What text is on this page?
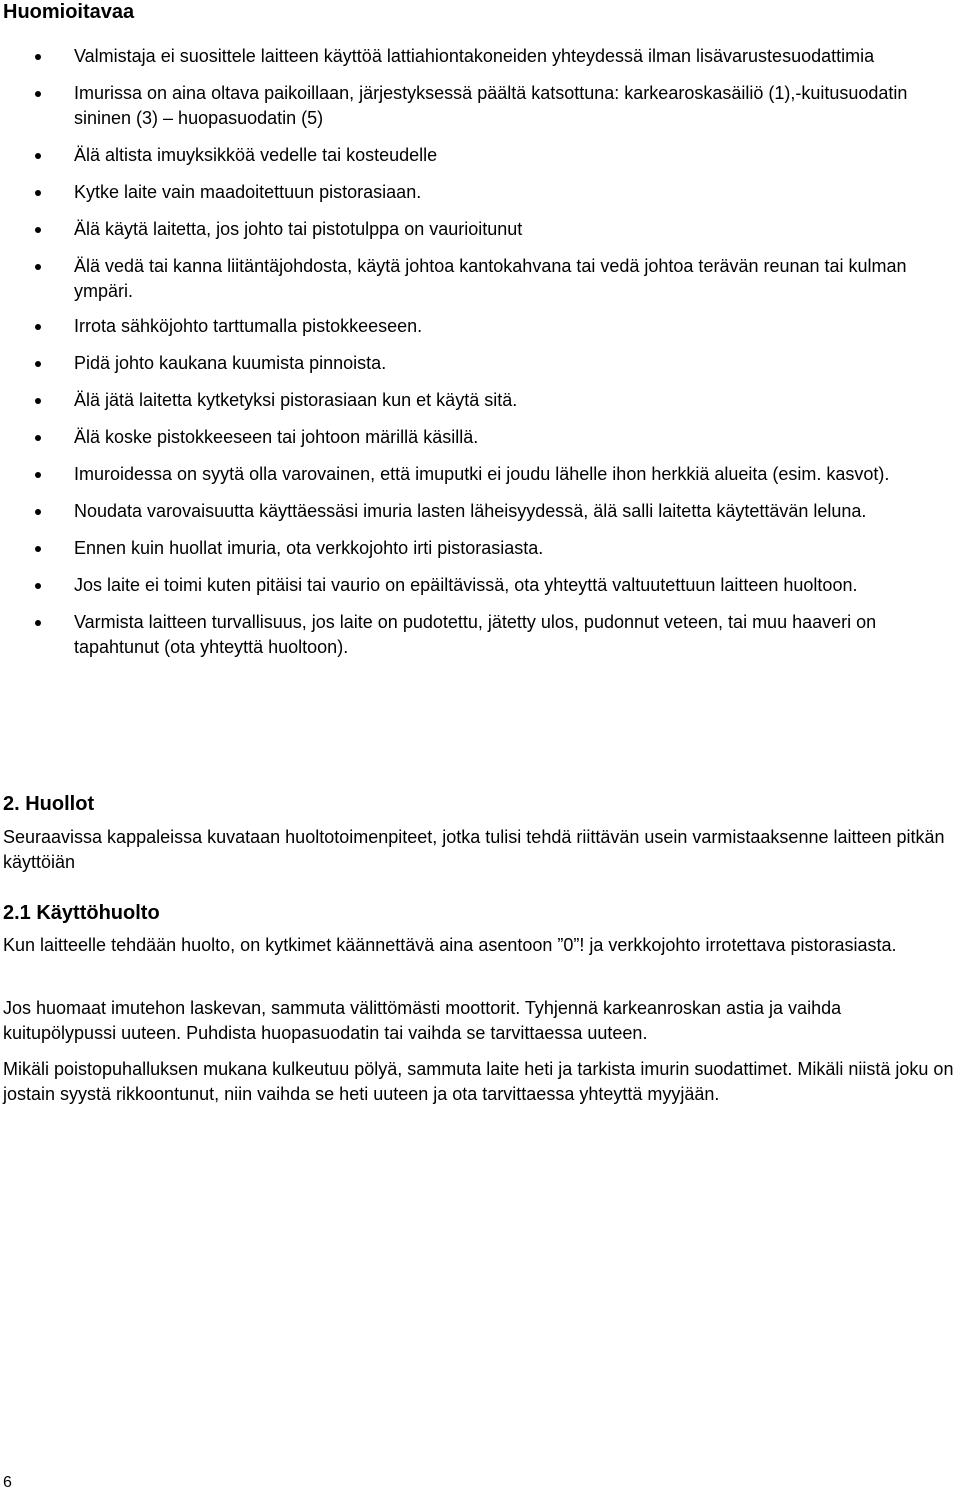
Huomioitavaa
Valmistaja ei suosittele laitteen käyttöä lattiahiontakoneiden yhteydessä ilman lisävarustesuodattimia
Imurissa on aina oltava paikoillaan, järjestyksessä päältä katsottuna: karkearoskasäiliö (1),-kuitusuodatin sininen (3) – huopasuodatin (5)
Älä altista imuyksikköä vedelle tai kosteudelle
Kytke laite vain maadoitettuun pistorasiaan.
Älä käytä laitetta, jos johto tai pistotulppa on vaurioitunut
Älä vedä tai kanna liitäntäjohdosta, käytä johtoa kantokahvana tai vedä johtoa terävän reunan tai kulman ympäri.
Irrota sähköjohto tarttumalla pistokkeeseen.
Pidä johto kaukana kuumista pinnoista.
Älä jätä laitetta kytketyksi pistorasiaan kun et käytä sitä.
Älä koske pistokkeeseen tai johtoon märillä käsillä.
Imuroidessa on syytä olla varovainen, että imuputki ei joudu lähelle ihon herkkiä alueita (esim. kasvot).
Noudata varovaisuutta käyttäessäsi imuria lasten läheisyydessä, älä salli laitetta käytettävän leluna.
Ennen kuin huollat imuria, ota verkkojohto irti pistorasiasta.
Jos laite ei toimi kuten pitäisi tai vaurio on epäiltävissä, ota yhteyttä valtuutettuun laitteen huoltoon.
Varmista laitteen turvallisuus, jos laite on pudotettu, jätetty ulos, pudonnut veteen, tai muu haaveri on tapahtunut (ota yhteyttä huoltoon).
2. Huollot

Seuraavissa kappaleissa kuvataan huoltotoimenpiteet, jotka tulisi tehdä riittävän usein varmistaaksenne laitteen pitkän käyttöiän

2.1 Käyttöhuolto

Kun laitteelle tehdään huolto, on kytkimet käännettävä aina asentoon ”0”! ja verkkojohto irrotettava pistorasiasta.

Jos huomaat imutehon laskevan, sammuta välittömästi moottorit. Tyhjennä karkeanroskan astia ja vaihda kuitupölypussi uuteen. Puhdista huopasuodatin tai vaihda se tarvittaessa uuteen.

Mikäli poistopuhalluksen mukana kulkeutuu pölyä, sammuta laite heti ja tarkista imurin suodattimet. Mikäli niistä joku on jostain syystä rikkoontunut, niin vaihda se heti uuteen ja ota tarvittaessa yhteyttä myyjään.

6
